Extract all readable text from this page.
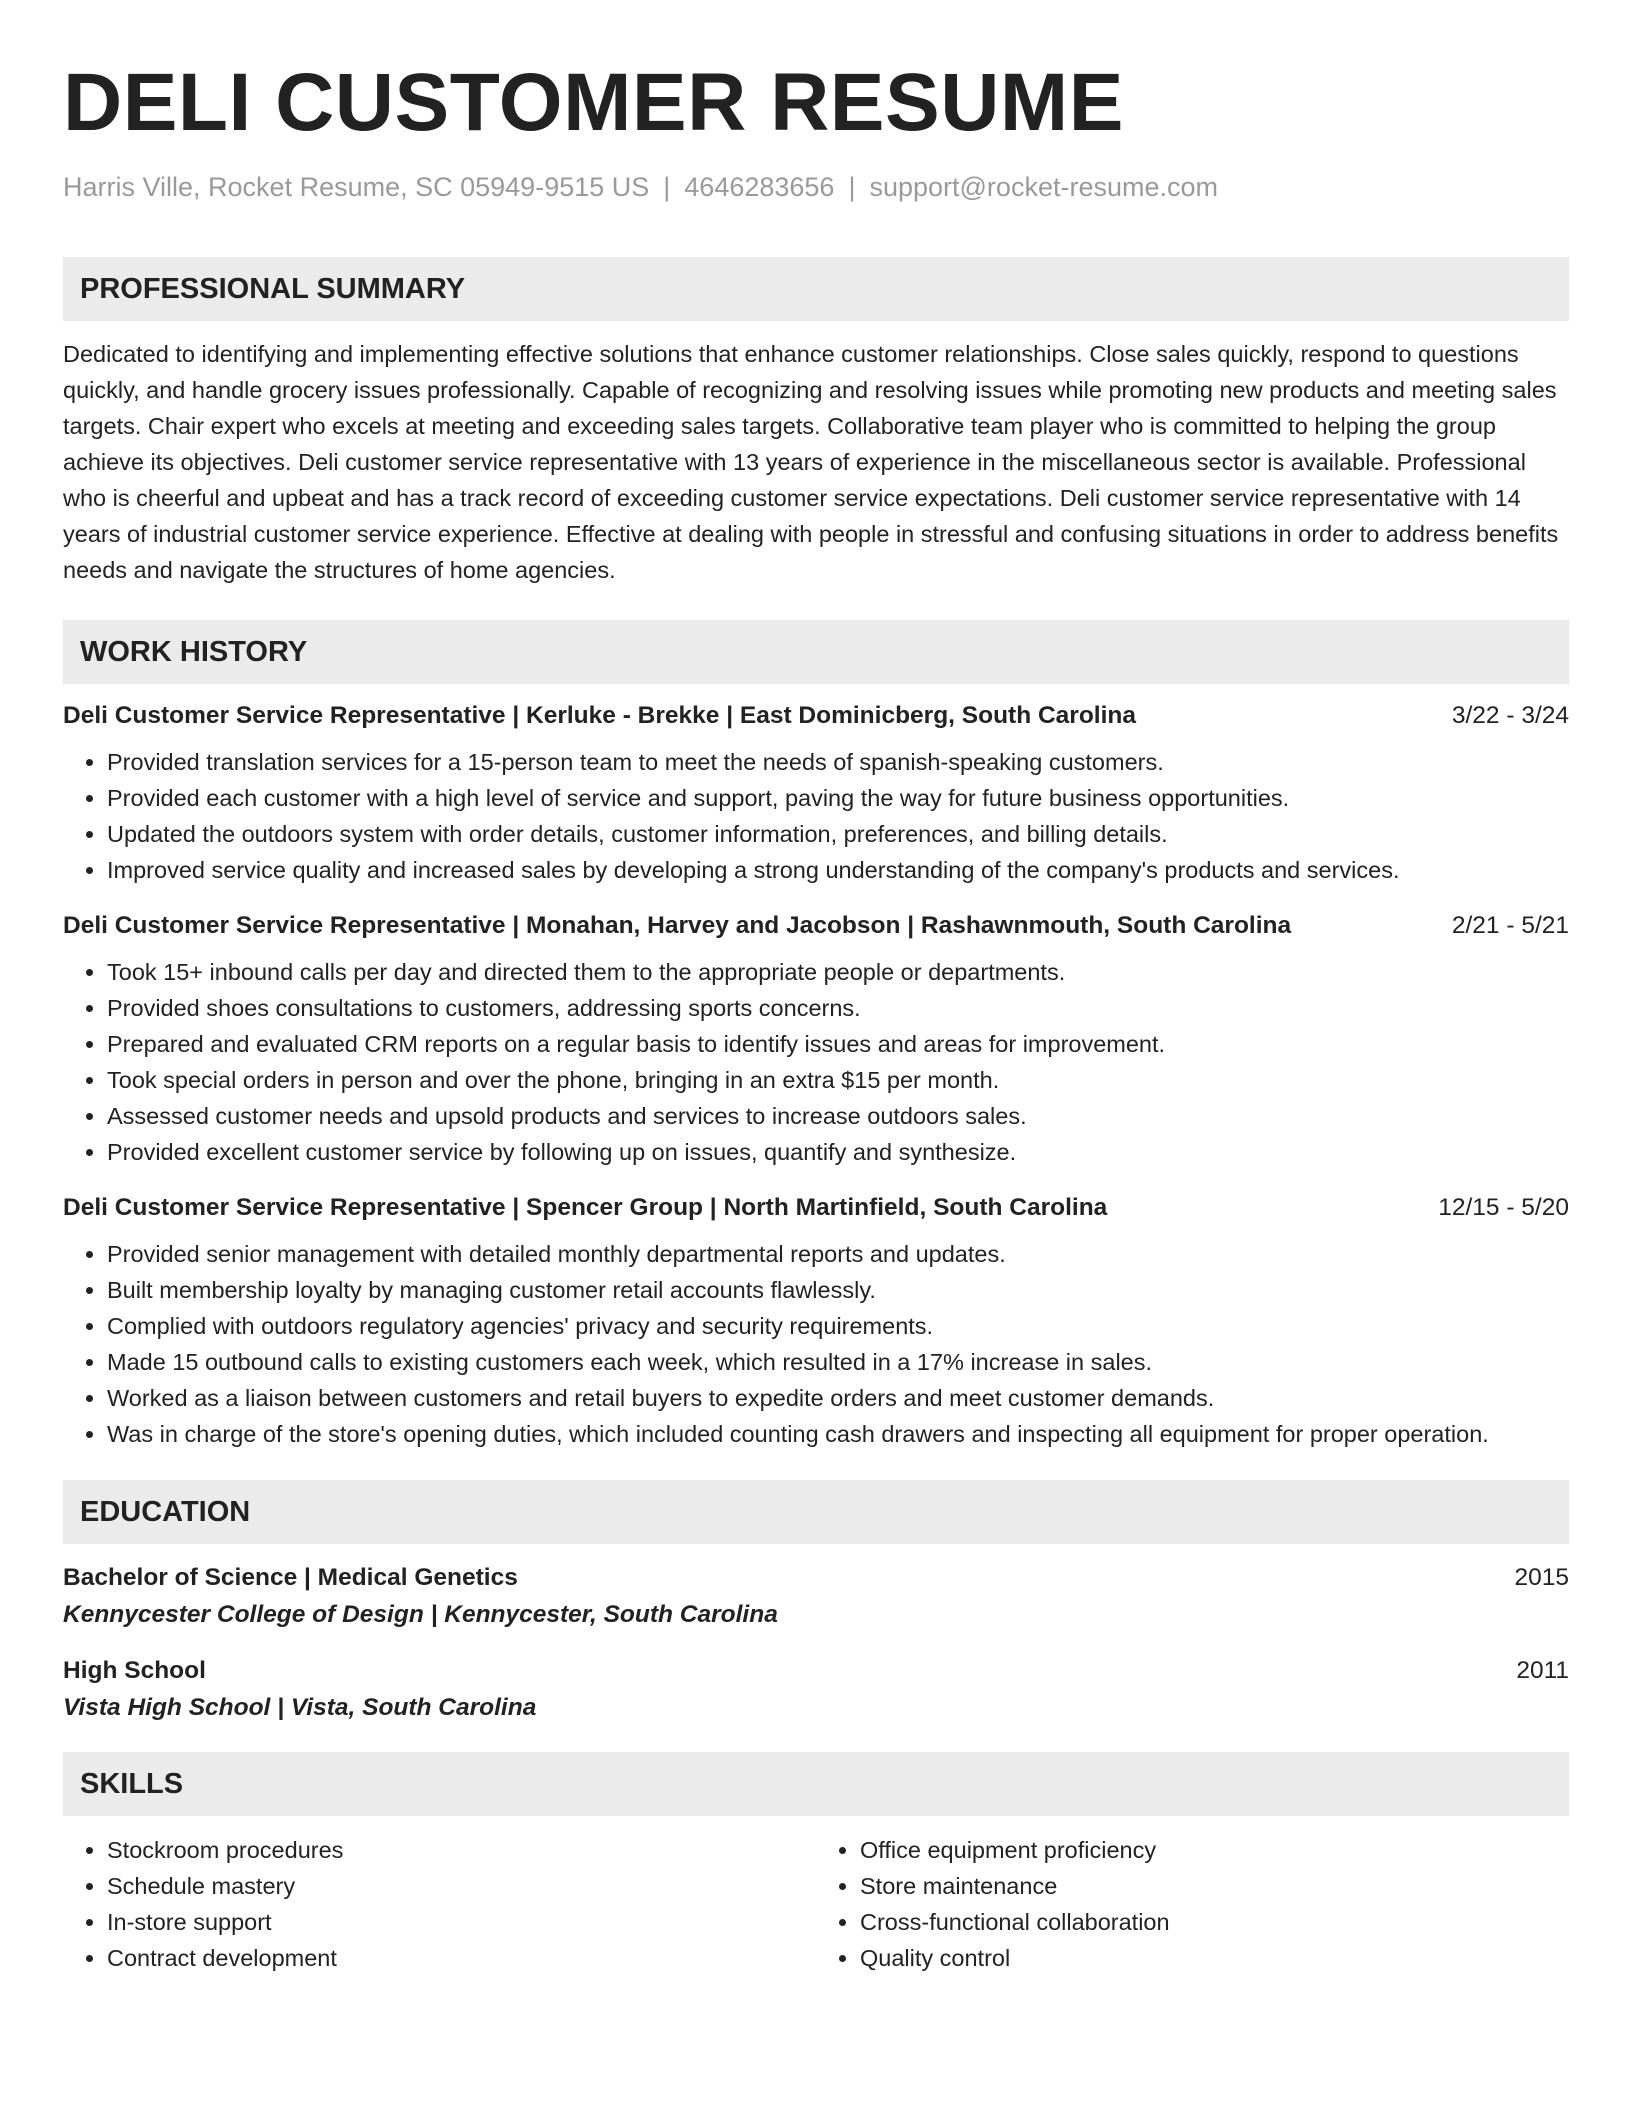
DELI CUSTOMER RESUME
Harris Ville, Rocket Resume, SC 05949-9515 US | 4646283656 | support@rocket-resume.com
PROFESSIONAL SUMMARY
Dedicated to identifying and implementing effective solutions that enhance customer relationships. Close sales quickly, respond to questions quickly, and handle grocery issues professionally. Capable of recognizing and resolving issues while promoting new products and meeting sales targets. Chair expert who excels at meeting and exceeding sales targets. Collaborative team player who is committed to helping the group achieve its objectives. Deli customer service representative with 13 years of experience in the miscellaneous sector is available. Professional who is cheerful and upbeat and has a track record of exceeding customer service expectations. Deli customer service representative with 14 years of industrial customer service experience. Effective at dealing with people in stressful and confusing situations in order to address benefits needs and navigate the structures of home agencies.
WORK HISTORY
Deli Customer Service Representative | Kerluke - Brekke | East Dominicberg, South Carolina	3/22 - 3/24
• Provided translation services for a 15-person team to meet the needs of spanish-speaking customers.
• Provided each customer with a high level of service and support, paving the way for future business opportunities.
• Updated the outdoors system with order details, customer information, preferences, and billing details.
• Improved service quality and increased sales by developing a strong understanding of the company's products and services.
Deli Customer Service Representative | Monahan, Harvey and Jacobson | Rashawnmouth, South Carolina	2/21 - 5/21
• Took 15+ inbound calls per day and directed them to the appropriate people or departments.
• Provided shoes consultations to customers, addressing sports concerns.
• Prepared and evaluated CRM reports on a regular basis to identify issues and areas for improvement.
• Took special orders in person and over the phone, bringing in an extra $15 per month.
• Assessed customer needs and upsold products and services to increase outdoors sales.
• Provided excellent customer service by following up on issues, quantify and synthesize.
Deli Customer Service Representative | Spencer Group | North Martinfield, South Carolina	12/15 - 5/20
• Provided senior management with detailed monthly departmental reports and updates.
• Built membership loyalty by managing customer retail accounts flawlessly.
• Complied with outdoors regulatory agencies' privacy and security requirements.
• Made 15 outbound calls to existing customers each week, which resulted in a 17% increase in sales.
• Worked as a liaison between customers and retail buyers to expedite orders and meet customer demands.
• Was in charge of the store's opening duties, which included counting cash drawers and inspecting all equipment for proper operation.
EDUCATION
Bachelor of Science | Medical Genetics	2015
Kennycester College of Design | Kennycester, South Carolina
High School	2011
Vista High School | Vista, South Carolina
SKILLS
• Stockroom procedures
• Schedule mastery
• In-store support
• Contract development
• Office equipment proficiency
• Store maintenance
• Cross-functional collaboration
• Quality control
